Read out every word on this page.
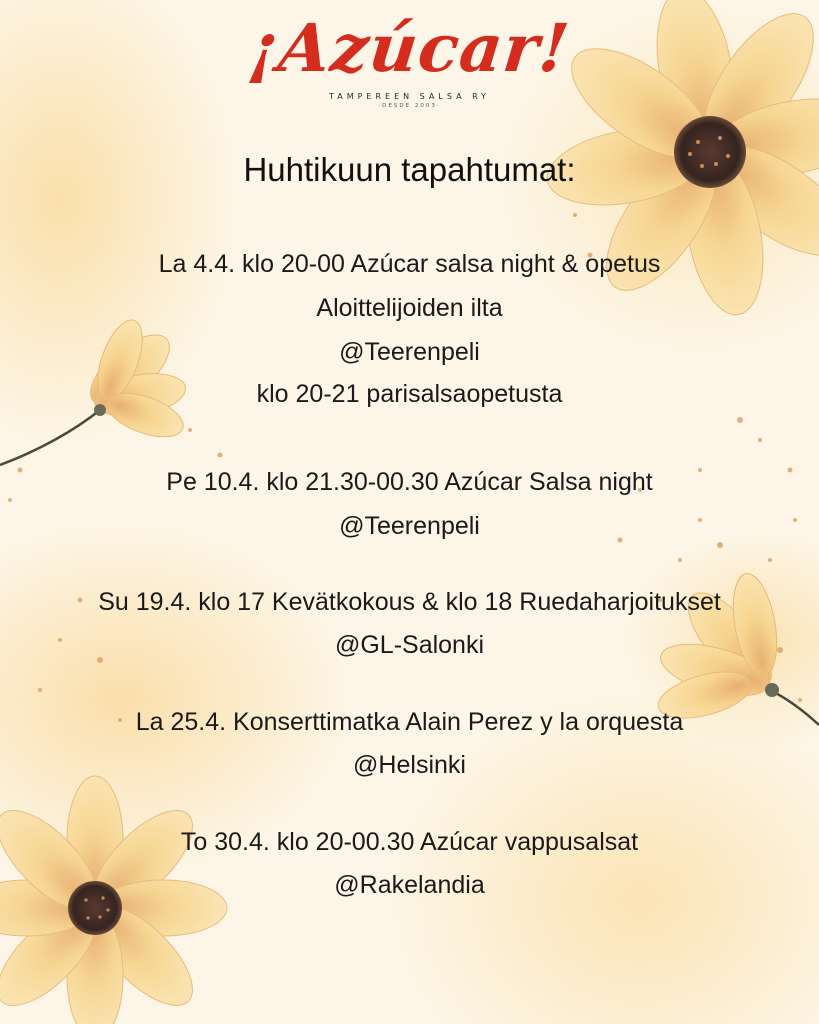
¡Azúcar!
TAMPEREEN SALSA RY
·DESDE 2003·
Huhtikuun tapahtumat:
La 4.4. klo 20-00 Azúcar salsa night & opetus
Aloittelijoiden ilta
@Teerenpeli
klo 20-21 parisalsaopetusta
Pe 10.4. klo 21.30-00.30 Azúcar Salsa night
@Teerenpeli
Su 19.4. klo 17 Kevätkokous & klo 18 Ruedaharjoitukset
@GL-Salonki
La 25.4. Konserttimatka Alain Perez y la orquesta
@Helsinki
To 30.4. klo 20-00.30 Azúcar vappusalsat
@Rakelandia
